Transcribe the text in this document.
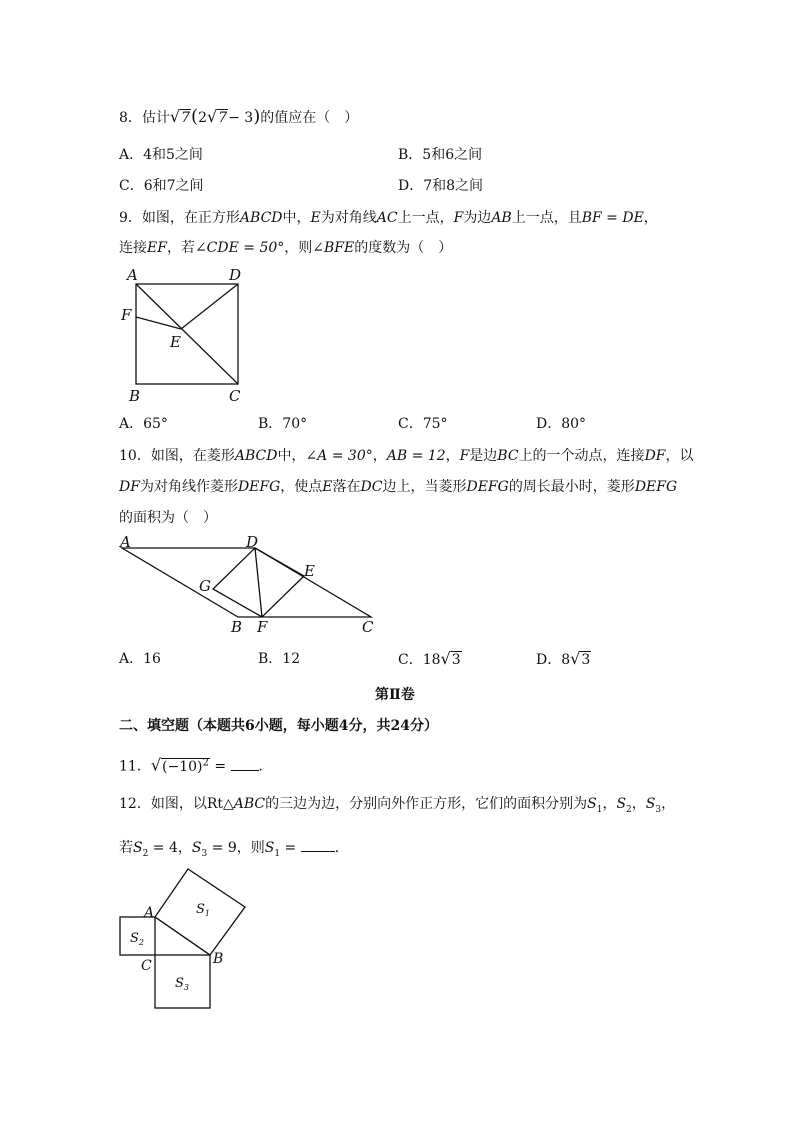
8．估计√7(2√7− 3)的值应在（　）
A．4和5之间	B．5和6之间
C．6和7之间	D．7和8之间
9．如图，在正方形ABCD中，E为对角线AC上一点，F为边AB上一点，且BF = DE，
连接EF，若∠CDE = 50°，则∠BFE的度数为（　）
A	D
F
E
B	C
A．65°	B．70°	C．75°	D．80°
10．如图，在菱形ABCD中，∠A = 30°，AB = 12，F是边BC上的一个动点，连接DF，以
DF为对角线作菱形DEFG，使点E落在DC边上，当菱形DEFG的周长最小时，菱形DEFG
的面积为（　）
A	D
E
G
B F	C
A．16	B．12	C．18√3	D．8√3
第Ⅱ卷
二、填空题（本题共6小题，每小题4分，共24分）
11．$√(-10)^2$ = ．
12．如图，以Rt△ABC的三边为边，分别向外作正方形，它们的面积分别为$S_1$，$S_2$，$S_3$，
若$S_2 = 4$，$S_3 = 9$，则$S_1$ = ．
A
C	B
$S_1$
$S_2$
$S_3$
